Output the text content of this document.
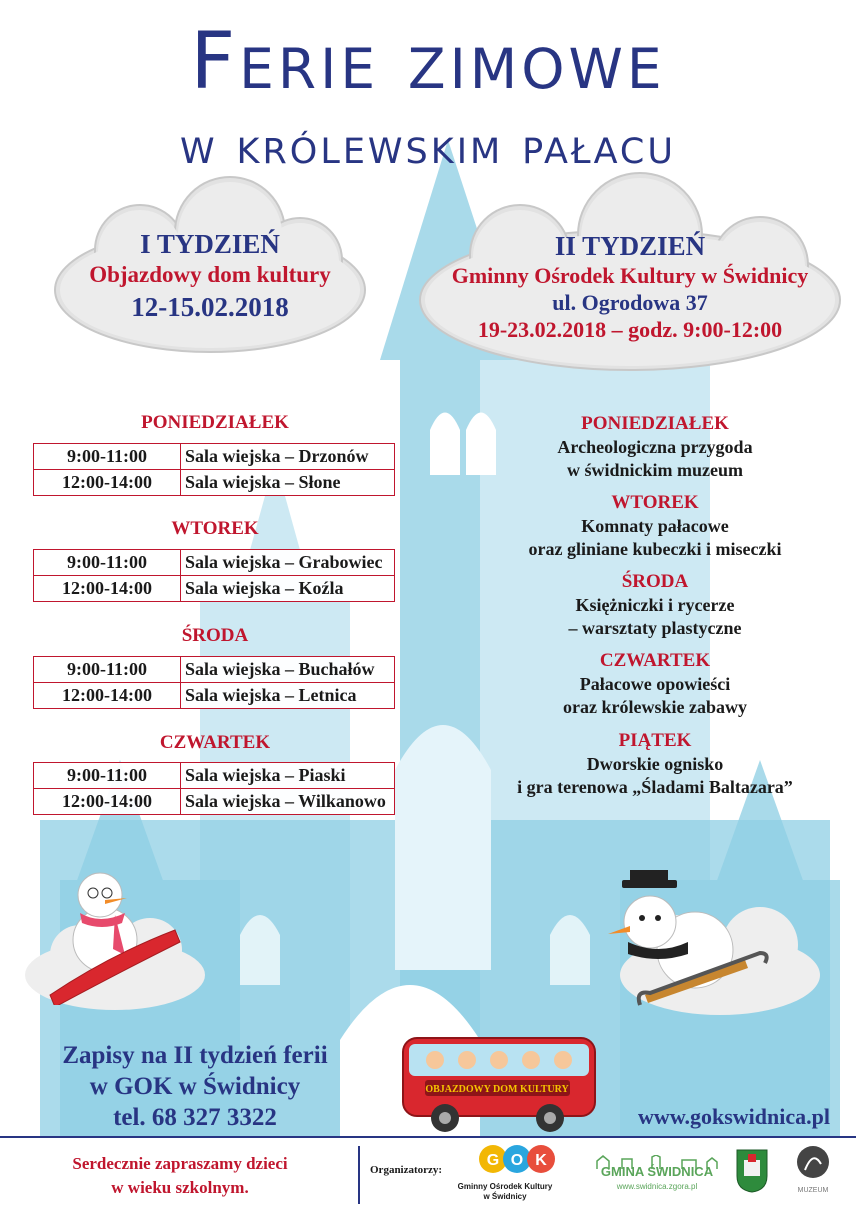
Ferie zimowe
w królewskim pałacu
I TYDZIEŃ
Objazdowy dom kultury
12-15.02.2018
II TYDZIEŃ
Gminny Ośrodek Kultury w Świdnicy
ul. Ogrodowa 37
19-23.02.2018 – godz. 9:00-12:00
PONIEDZIAŁEK
9:00-11:00	Sala wiejska – Drzonów
12:00-14:00	Sala wiejska – Słone
WTOREK
9:00-11:00	Sala wiejska – Grabowiec
12:00-14:00	Sala wiejska – Koźla
ŚRODA
9:00-11:00	Sala wiejska – Buchałów
12:00-14:00	Sala wiejska – Letnica
CZWARTEK
9:00-11:00	Sala wiejska – Piaski
12:00-14:00	Sala wiejska – Wilkanowo
PONIEDZIAŁEK
Archeologiczna przygoda
w świdnickim muzeum
WTOREK
Komnaty pałacowe
oraz gliniane kubeczki i miseczki
ŚRODA
Księżniczki i rycerze
– warsztaty plastyczne
CZWARTEK
Pałacowe opowieści
oraz królewskie zabawy
PIĄTEK
Dworskie ognisko
i gra terenowa „Śladami Baltazara”
Zapisy na II tydzień ferii
w GOK w Świdnicy
tel. 68 327 3322
OBJAZDOWY DOM KULTURY
www.gokswidnica.pl
Serdecznie zapraszamy dzieci
w wieku szkolnym.
Organizatorzy:
G O K
Gminny Ośrodek Kultury
w Świdnicy
GMINA ŚWIDNICA
www.swidnica.zgora.pl	MUZEUM
